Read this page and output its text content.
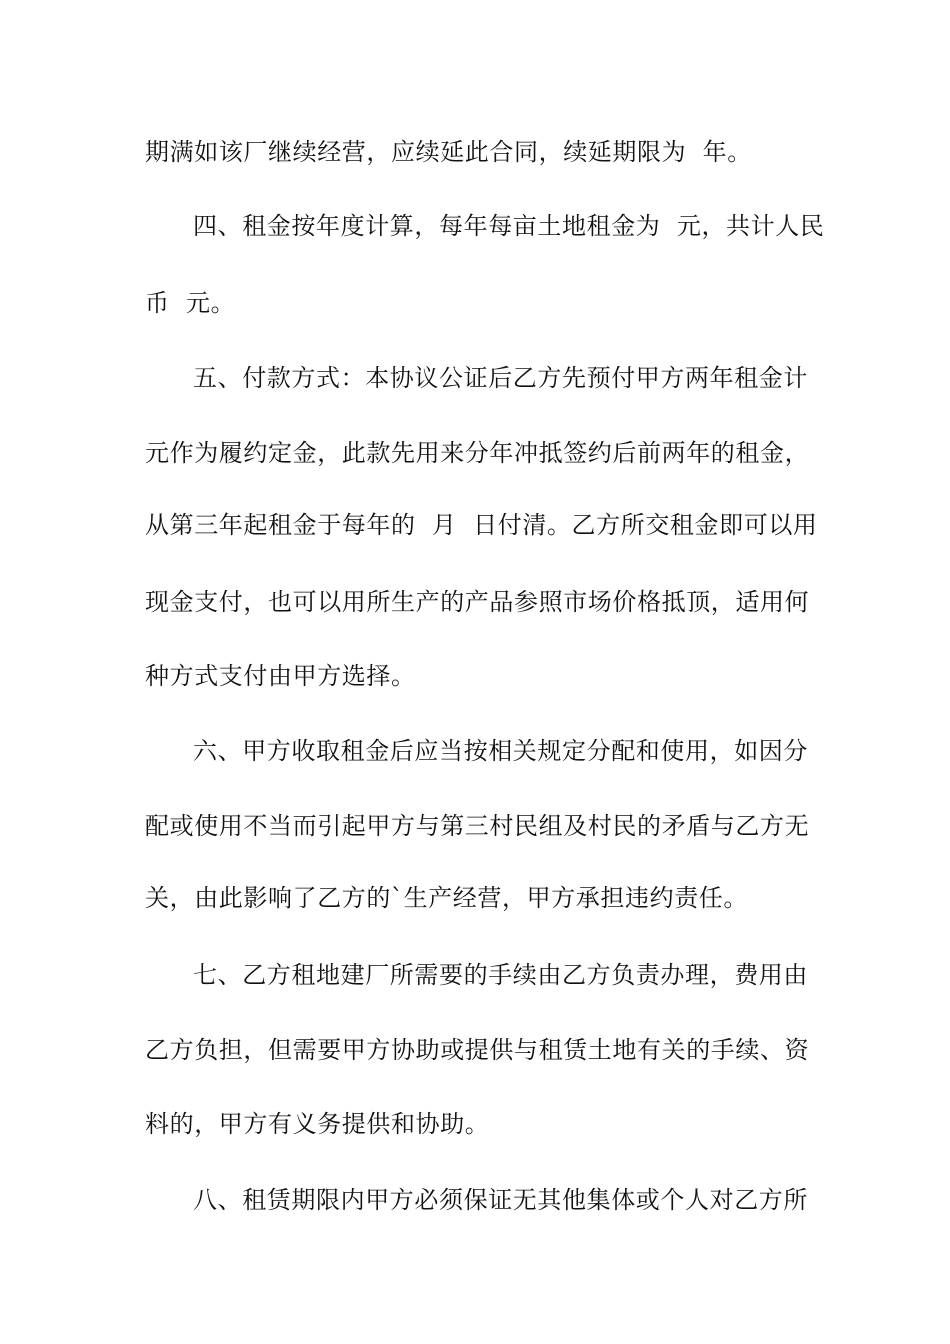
期满如该厂继续经营，应续延此合同，续延期限为  年。
四、租金按年度计算，每年每亩土地租金为  元，共计人民
币  元。
五、付款方式：本协议公证后乙方先预付甲方两年租金计
元作为履约定金，此款先用来分年冲抵签约后前两年的租金，
从第三年起租金于每年的  月  日付清。乙方所交租金即可以用
现金支付，也可以用所生产的产品参照市场价格抵顶，适用何
种方式支付由甲方选择。
六、甲方收取租金后应当按相关规定分配和使用，如因分
配或使用不当而引起甲方与第三村民组及村民的矛盾与乙方无
关，由此影响了乙方的`生产经营，甲方承担违约责任。
七、乙方租地建厂所需要的手续由乙方负责办理，费用由
乙方负担，但需要甲方协助或提供与租赁土地有关的手续、资
料的，甲方有义务提供和协助。
八、租赁期限内甲方必须保证无其他集体或个人对乙方所
